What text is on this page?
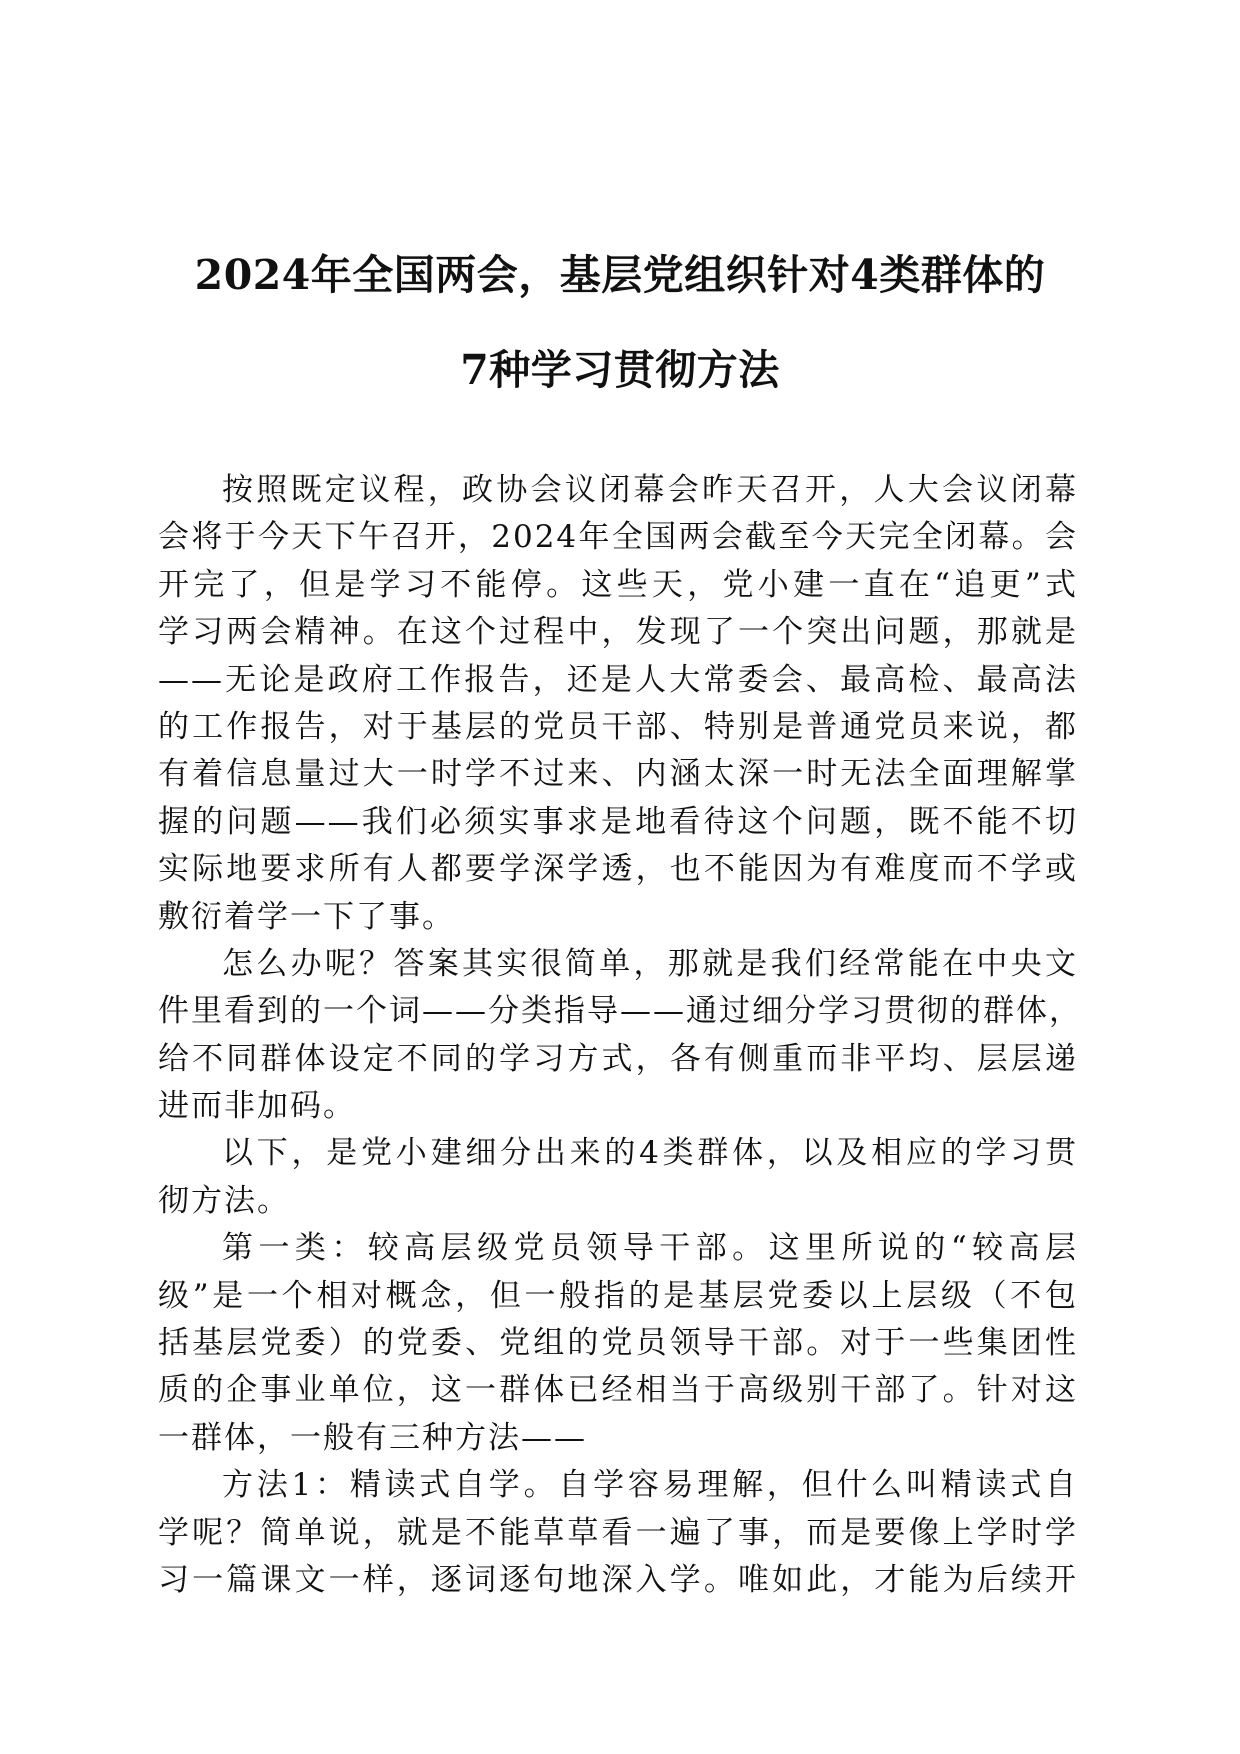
2024年全国两会，基层党组织针对4类群体的
7种学习贯彻方法
按照既定议程，政协会议闭幕会昨天召开，人大会议闭幕
会将于今天下午召开，2024年全国两会截至今天完全闭幕。会
开完了，但是学习不能停。这些天，党小建一直在“追更”式
学习两会精神。在这个过程中，发现了一个突出问题，那就是
——无论是政府工作报告，还是人大常委会、最高检、最高法
的工作报告，对于基层的党员干部、特别是普通党员来说，都
有着信息量过大一时学不过来、内涵太深一时无法全面理解掌
握的问题——我们必须实事求是地看待这个问题，既不能不切
实际地要求所有人都要学深学透，也不能因为有难度而不学或
敷衍着学一下了事。
怎么办呢？答案其实很简单，那就是我们经常能在中央文
件里看到的一个词——分类指导——通过细分学习贯彻的群体，
给不同群体设定不同的学习方式，各有侧重而非平均、层层递
进而非加码。
以下，是党小建细分出来的4类群体，以及相应的学习贯
彻方法。
第一类：较高层级党员领导干部。这里所说的“较高层
级”是一个相对概念，但一般指的是基层党委以上层级（不包
括基层党委）的党委、党组的党员领导干部。对于一些集团性
质的企事业单位，这一群体已经相当于高级别干部了。针对这
一群体，一般有三种方法——
方法1：精读式自学。自学容易理解，但什么叫精读式自
学呢？简单说，就是不能草草看一遍了事，而是要像上学时学
习一篇课文一样，逐词逐句地深入学。唯如此，才能为后续开
